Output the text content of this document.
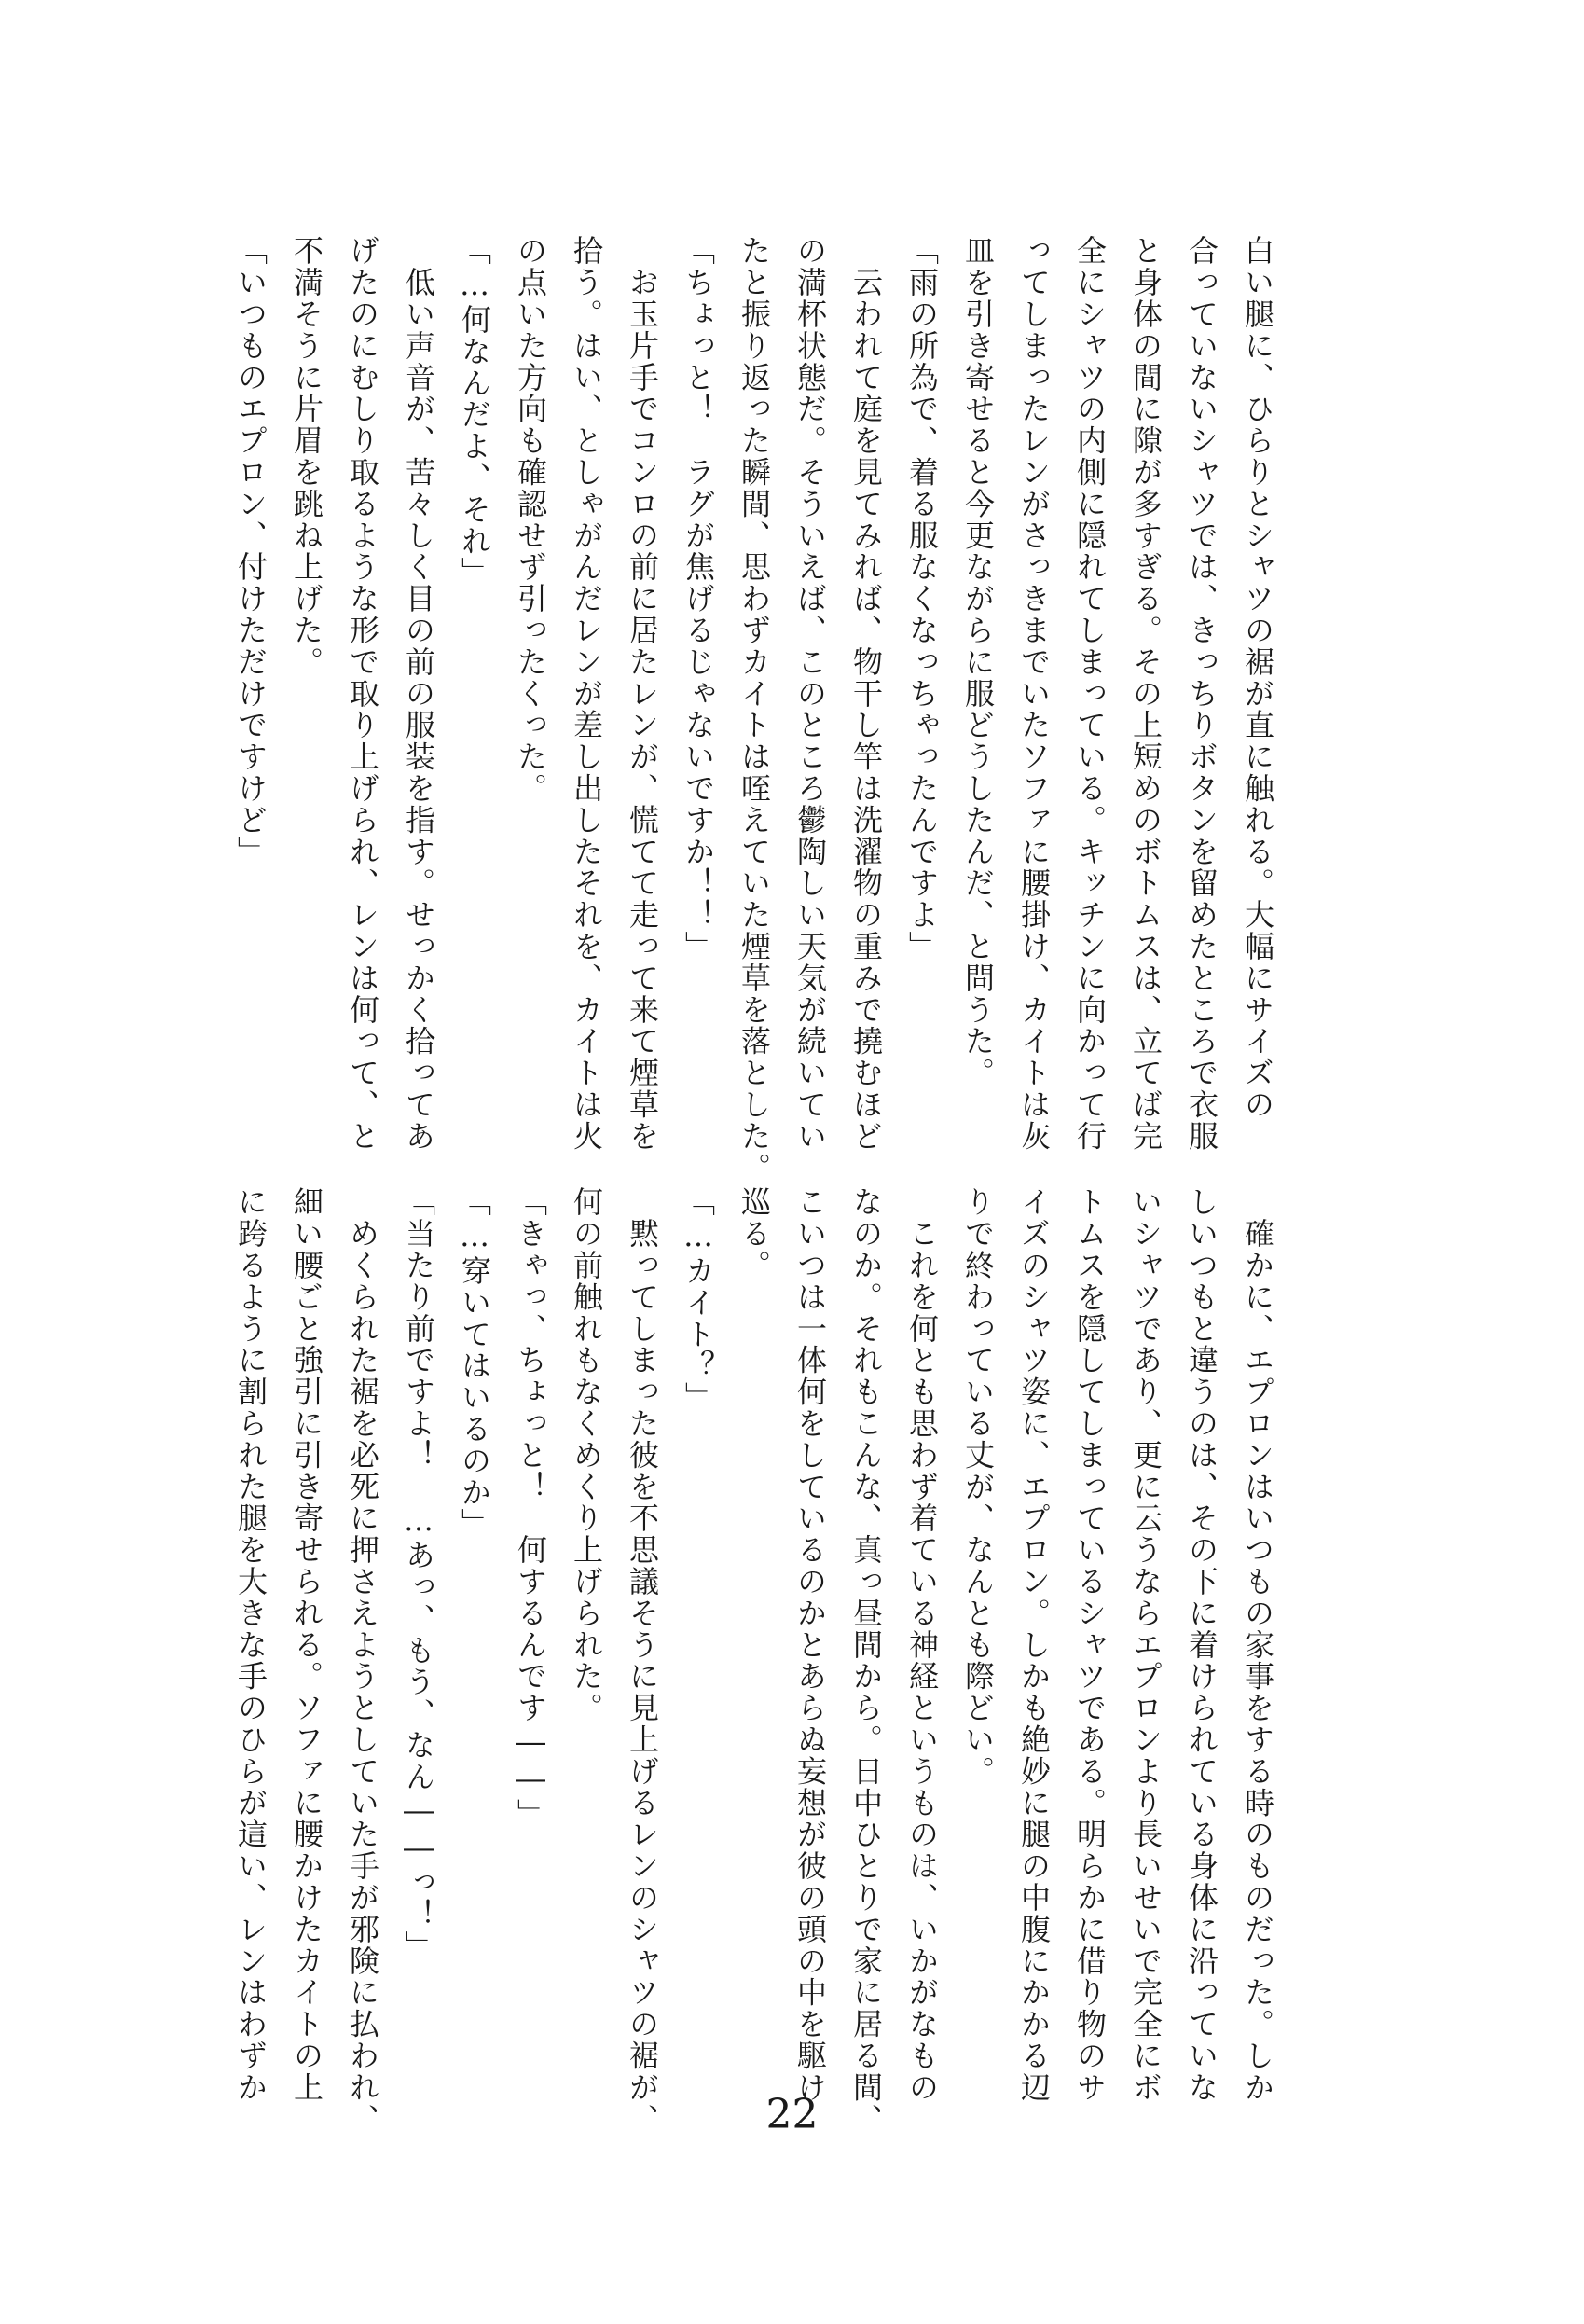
白い腿に、ひらりとシャツの裾が直に触れる。大幅にサイズの
合っていないシャツでは、きっちりボタンを留めたところで衣服
と身体の間に隙が多すぎる。その上短めのボトムスは、立てば完
全にシャツの内側に隠れてしまっている。キッチンに向かって行
ってしまったレンがさっきまでいたソファに腰掛け、カイトは灰
皿を引き寄せると今更ながらに服どうしたんだ、と問うた。
「雨の所為で、着る服なくなっちゃったんですよ」
　云われて庭を見てみれば、物干し竿は洗濯物の重みで撓むほど
の満杯状態だ。そういえば、このところ鬱陶しい天気が続いてい
たと振り返った瞬間、思わずカイトは咥えていた煙草を落とした。
「ちょっと！　ラグが焦げるじゃないですか！！」
　お玉片手でコンロの前に居たレンが、慌てて走って来て煙草を
拾う。はい、としゃがんだレンが差し出したそれを、カイトは火
の点いた方向も確認せず引ったくった。
「…何なんだよ、それ」
　低い声音が、苦々しく目の前の服装を指す。せっかく拾ってあ
げたのにむしり取るような形で取り上げられ、レンは何って、と
不満そうに片眉を跳ね上げた。
「いつものエプロン、付けただけですけど」
　確かに、エプロンはいつもの家事をする時のものだった。しか
しいつもと違うのは、その下に着けられている身体に沿っていな
いシャツであり、更に云うならエプロンより長いせいで完全にボ
トムスを隠してしまっているシャツである。明らかに借り物のサ
イズのシャツ姿に、エプロン。しかも絶妙に腿の中腹にかかる辺
りで終わっている丈が、なんとも際どい。
　これを何とも思わず着ている神経というものは、いかがなもの
なのか。それもこんな、真っ昼間から。日中ひとりで家に居る間、
こいつは一体何をしているのかとあらぬ妄想が彼の頭の中を駆け
巡る。
「…カイト？」
　黙ってしまった彼を不思議そうに見上げるレンのシャツの裾が、
何の前触れもなくめくり上げられた。
「きゃっ、ちょっと！　何するんです――」
「…穿いてはいるのか」
「当たり前ですよ！　…あっ、もう、なん――っ！」
　めくられた裾を必死に押さえようとしていた手が邪険に払われ、
細い腰ごと強引に引き寄せられる。ソファに腰かけたカイトの上
に跨るように割られた腿を大きな手のひらが這い、レンはわずか
22
